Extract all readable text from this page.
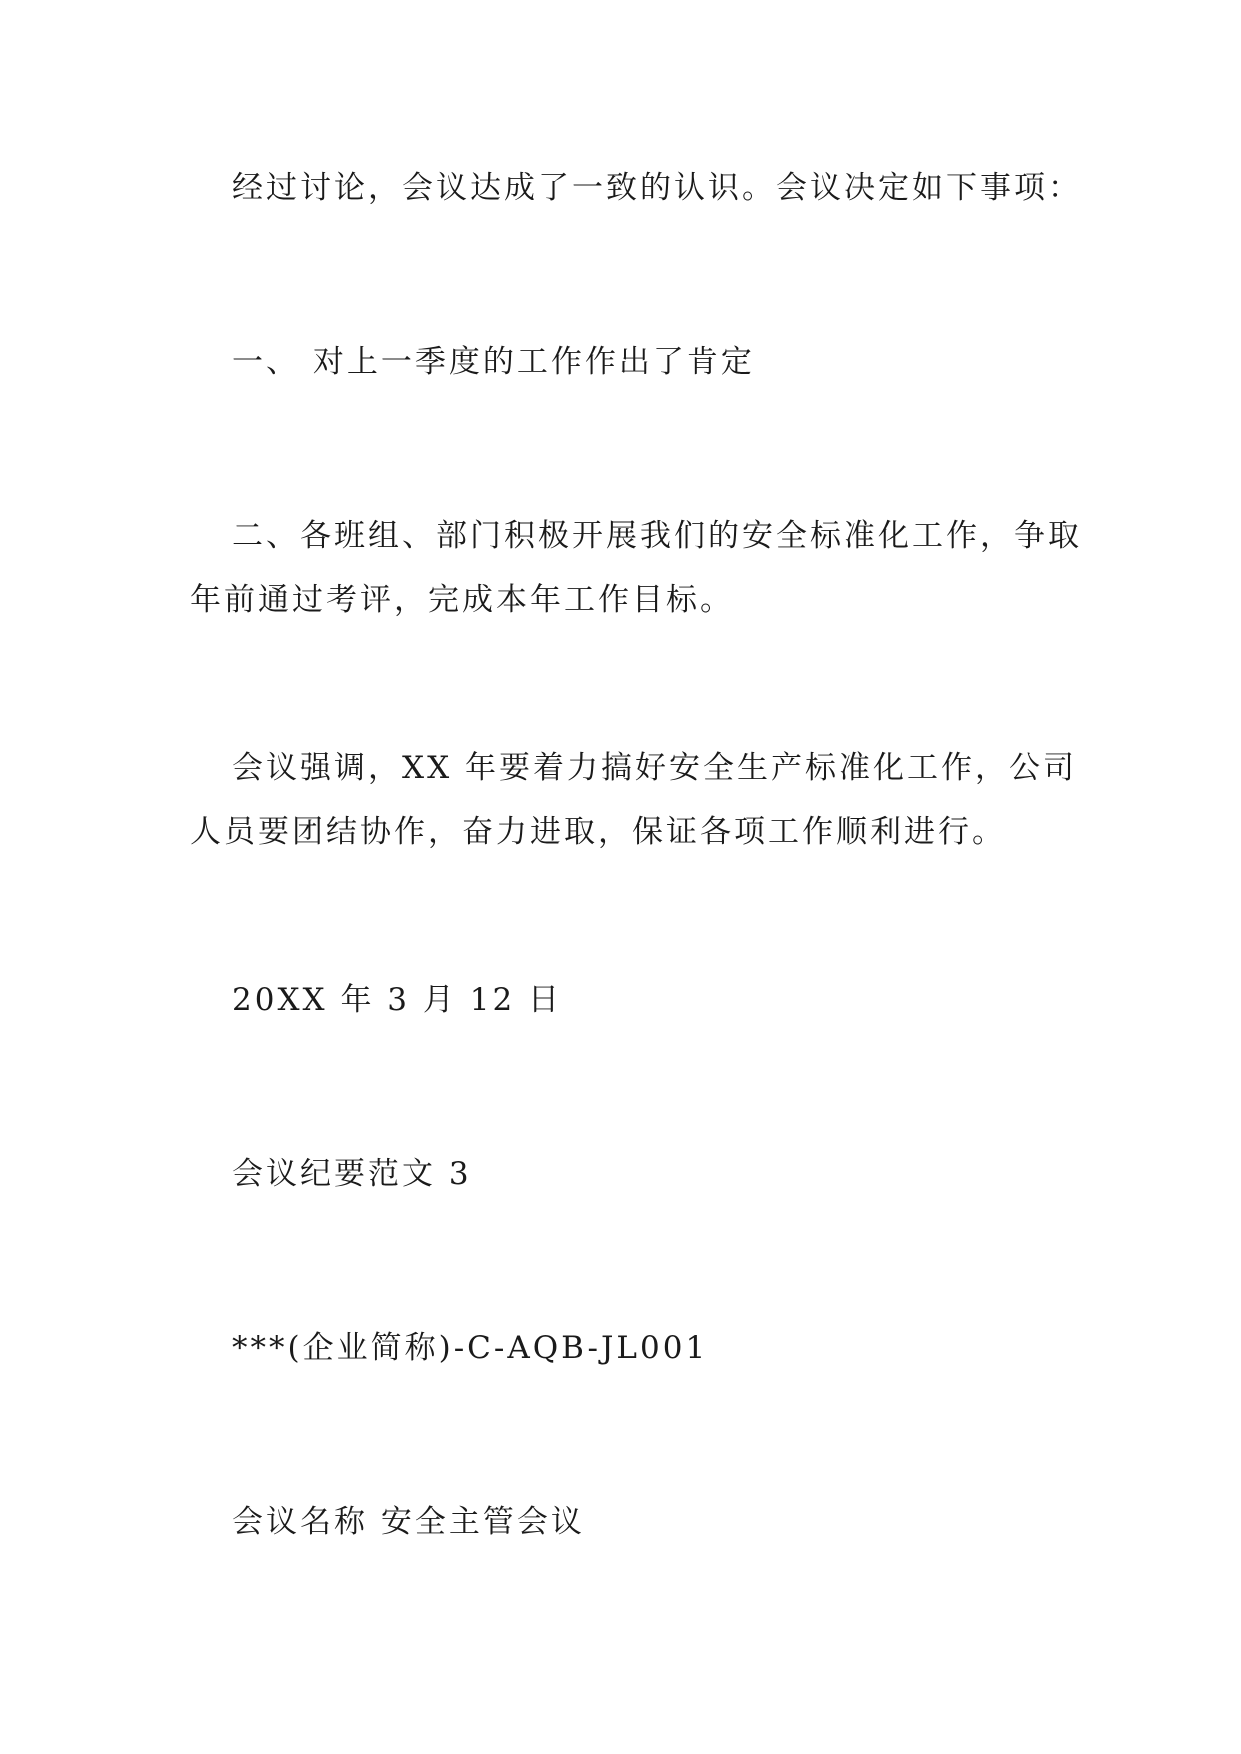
经过讨论，会议达成了一致的认识。会议决定如下事项：

一、 对上一季度的工作作出了肯定

二、各班组、部门积极开展我们的安全标准化工作，争取

年前通过考评，完成本年工作目标。

会议强调，XX 年要着力搞好安全生产标准化工作，公司

人员要团结协作，奋力进取，保证各项工作顺利进行。

20XX 年 3 月 12 日

会议纪要范文 3

***(企业简称)-C-AQB-JL001

会议名称 安全主管会议
